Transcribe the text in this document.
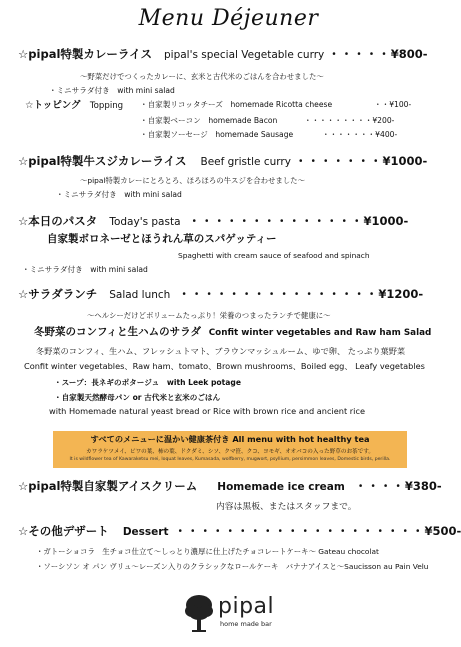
Menu Déjeuner
☆pipal特製カレーライス pipal's special Vegetable curry ・・・・・¥800-
～野菜だけでつくったカレーに、玄米と古代米のごはんを合わせました～
・ミニサラダ付き　with mini salad
☆トッピング Topping ・自家製リコッタチーズ　homemade Ricotta cheese	・・¥100-
・自家製ベーコン　homemade Bacon	・・・・・・・・・¥200-
・自家製ソーセージ　homemade Sausage	・・・・・・・¥400-
☆pipal特製牛スジカレーライス Beef gristle curry ・・・・・・・¥1000-
～pipal特製カレーにとろとろ、ほろほろの牛スジを合わせました～
・ミニサラダ付き　with mini salad
☆本日のパスタ Today's pasta ・・・・・・・・・・・・・・¥1000-
自家製ボロネーゼとほうれん草のスパゲッティー
Spaghetti with cream sauce of seafood and spinach
・ミニサラダ付き　with mini salad
☆サラダランチ Salad lunch ・・・・・・・・・・・・・・・・¥1200-
～ヘルシーだけどボリュームたっぷり！栄養のつまったランチで健康に～
冬野菜のコンフィと生ハムのサラダ Confit winter vegetables and Raw ham Salad
冬野菜のコンフィ、生ハム、フレッシュトマト、ブラウンマッシュルーム、ゆで卵、 たっぷり葉野菜
Confit winter vegetables、Raw ham、tomato、Brown mushrooms、Boiled egg、 Leafy vegetables
・スープ：長ネギのポタージュ　with Leek potage
・自家製天然酵母パン or 古代米と玄米のごはん
with Homemade natural yeast bread or Rice with brown rice and ancient rice
すべてのメニューに温かい健康茶付き All menu with hot healthy tea
カワラケツメイ、ビワの葉、柿の葉、ドクダミ、シソ、クマ笹、クコ、ヨモギ、オオバコの入った野草のお茶です。
It is wildflower tea of Kawaraketsu mei, loquat leaves, Kumasada, wolfberry, mugwort, psyllium, persimmon leaves, Domestic birds, perilla.
☆pipal特製自家製アイスクリーム Homemade ice cream ・・・・¥380-
内容は黒板、またはスタッフまで。
☆その他デザート Dessert ・・・・・・・・・・・・・・・・・・・・¥500-
・ガトーショコラ　生チョコ仕立て～しっとり濃厚に仕上げたチョコレートケーキ～ Gateau chocolat
・ソーシソン オ パン ヴリュ～レーズン入りのクラシックなロールケーキ　バナナアイスと～Saucisson au Pain Velu
pipal
home made bar
